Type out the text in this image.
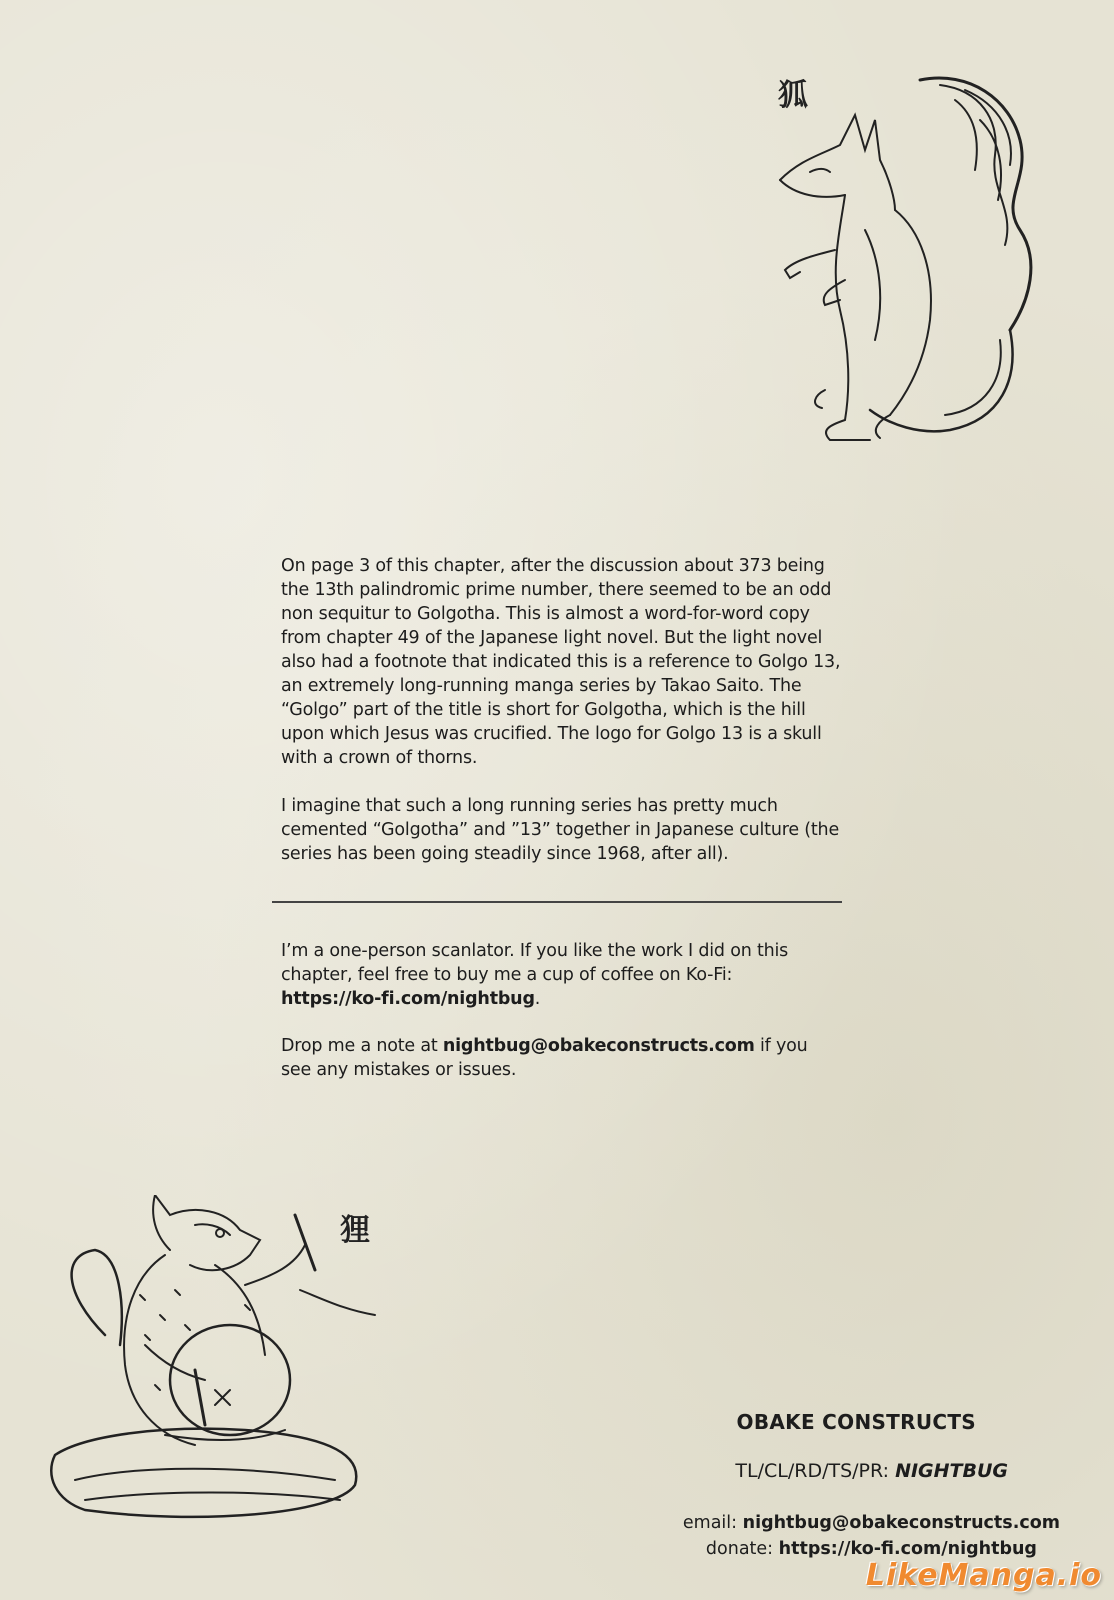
狐

On page 3 of this chapter, after the discussion about 373 being the 13th palindromic prime number, there seemed to be an odd non sequitur to Golgotha. This is almost a word-for-word copy from chapter 49 of the Japanese light novel. But the light novel also had a footnote that indicated this is a reference to Golgo 13, an extremely long-running manga series by Takao Saito. The “Golgo” part of the title is short for Golgotha, which is the hill upon which Jesus was crucified. The logo for Golgo 13 is a skull with a crown of thorns.

I imagine that such a long running series has pretty much cemented “Golgotha” and ”13” together in Japanese culture (the series has been going steadily since 1968, after all).

I’m a one-person scanlator. If you like the work I did on this chapter, feel free to buy me a cup of coffee on Ko-Fi:
https://ko-fi.com/nightbug.

Drop me a note at nightbug@obakeconstructs.com if you see any mistakes or issues.

狸
OBAKE CONSTRUCTS
TL/CL/RD/TS/PR: NIGHTBUG
email: nightbug@obakeconstructs.com
donate: https://ko-fi.com/nightbug
LikeManga.io
